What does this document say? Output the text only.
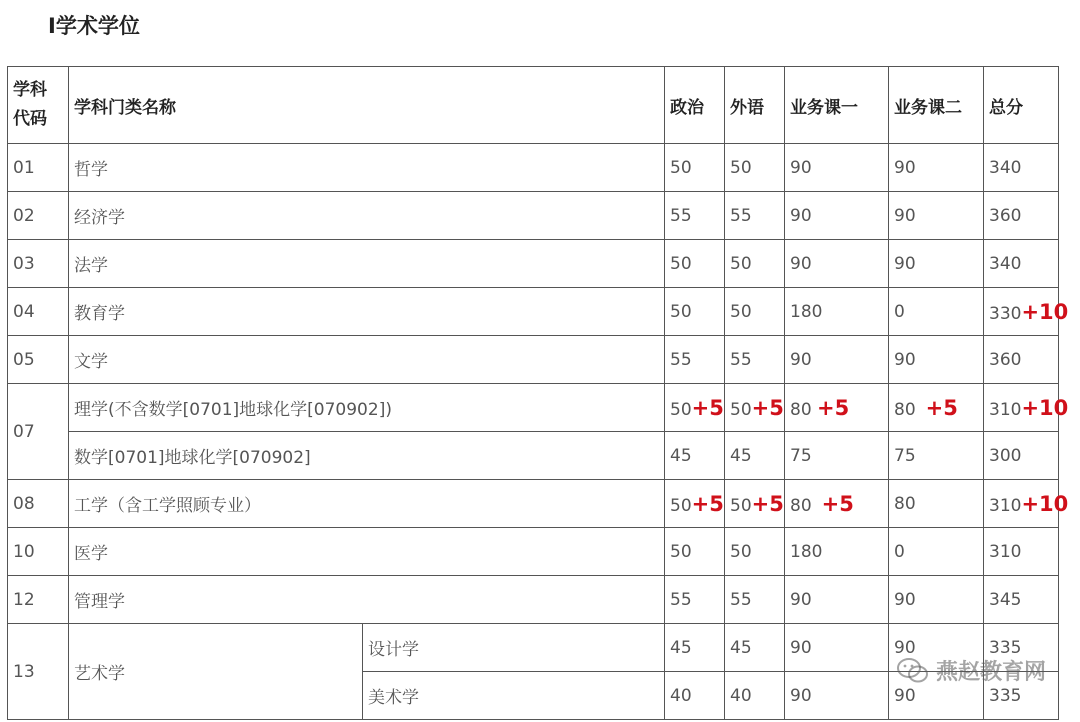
I学术学位
学科
代码	学科门类名称		政治	外语	业务课一	业务课二	总分
01	哲学		50	50	90	90	340
02	经济学		55	55	90	90	360
03	法学		50	50	90	90	340
04	教育学		50	50	180	0	330+10
05	文学		55	55	90	90	360
07	理学(不含数学[0701]地球化学[070902])		50+5	50+5	80 +5	80 +5	310+10
	数学[0701]地球化学[070902]		45	45	75	75	300
08	工学（含工学照顾专业）		50+5	50+5	80 +5	80	310+10
10	医学		50	50	180	0	310
12	管理学		55	55	90	90	345
13	艺术学	设计学	45	45	90	90	335
		美术学	40	40	90	90	335
燕赵教育网
